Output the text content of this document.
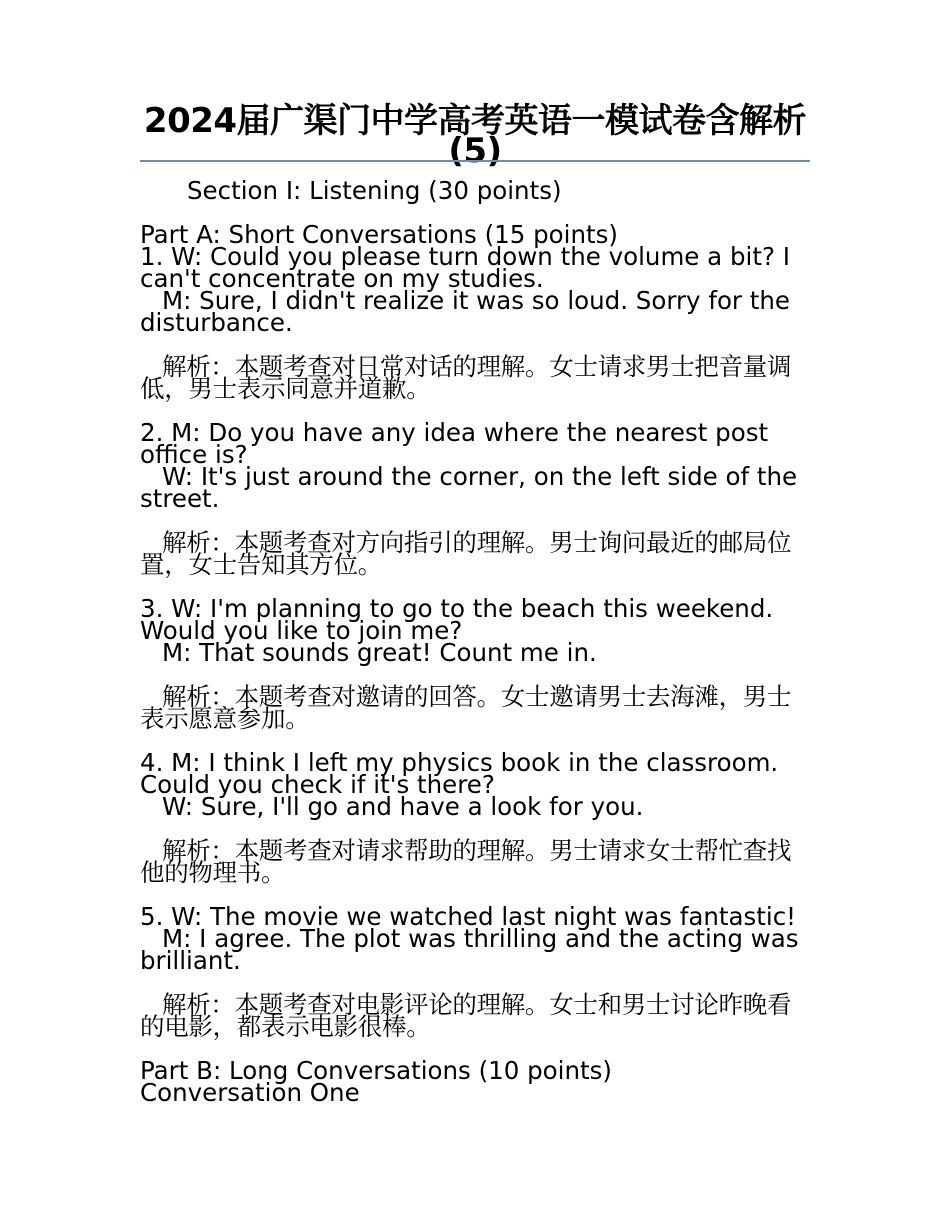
2024届广渠门中学高考英语一模试卷含解析(5)
Section I: Listening (30 points)
Part A: Short Conversations (15 points)
1. W: Could you please turn down the volume a bit? I
can't concentrate on my studies.
M: Sure, I didn't realize it was so loud. Sorry for the
disturbance.
解析：本题考查对日常对话的理解。女士请求男士把音量调
低，男士表示同意并道歉。
2. M: Do you have any idea where the nearest post
office is?
W: It's just around the corner, on the left side of the
street.
解析：本题考查对方向指引的理解。男士询问最近的邮局位
置，女士告知其方位。
3. W: I'm planning to go to the beach this weekend.
Would you like to join me?
M: That sounds great! Count me in.
解析：本题考查对邀请的回答。女士邀请男士去海滩，男士
表示愿意参加。
4. M: I think I left my physics book in the classroom.
Could you check if it's there?
W: Sure, I'll go and have a look for you.
解析：本题考查对请求帮助的理解。男士请求女士帮忙查找
他的物理书。
5. W: The movie we watched last night was fantastic!
M: I agree. The plot was thrilling and the acting was
brilliant.
解析：本题考查对电影评论的理解。女士和男士讨论昨晚看
的电影，都表示电影很棒。
Part B: Long Conversations (10 points)
Conversation One
